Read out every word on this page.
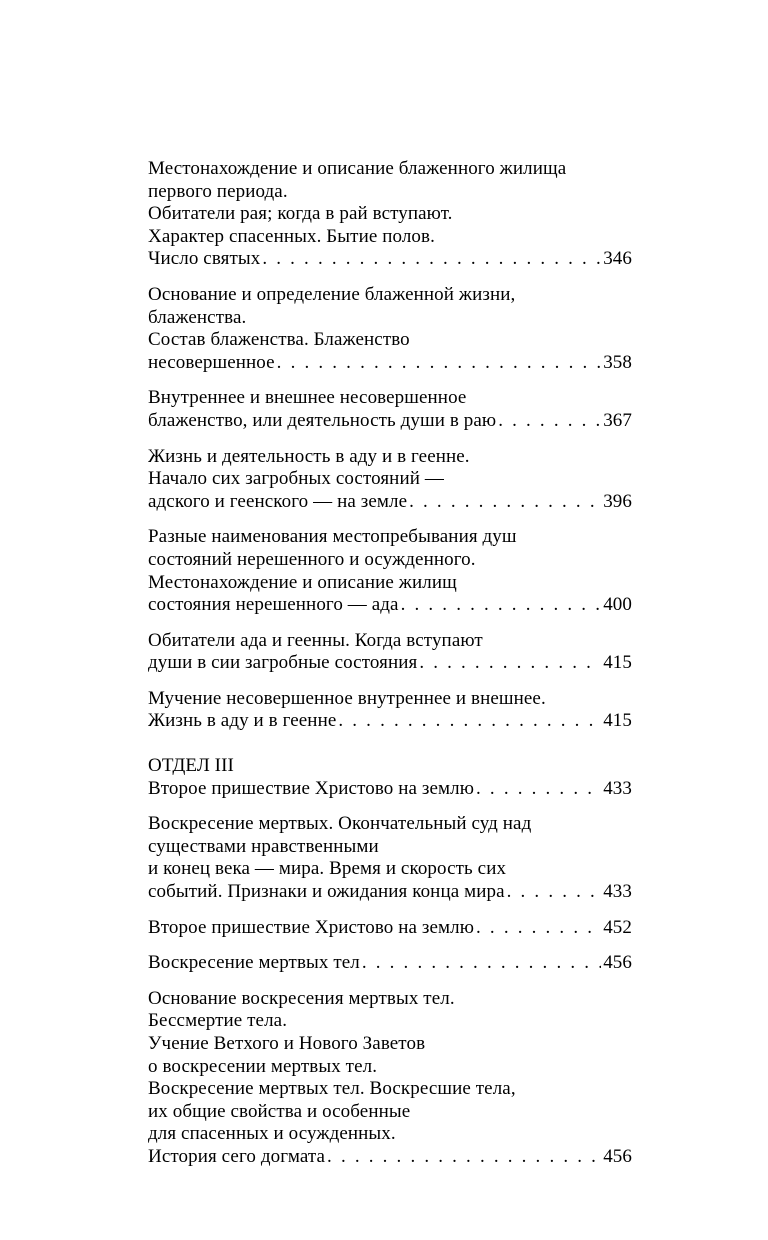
Местонахождение и описание блаженного жилища
первого периода.
Обитатели рая; когда в рай вступают.
Характер спасенных. Бытие полов.
Число святых . . .	346
Основание и определение блаженной жизни,
блаженства.
Состав блаженства. Блаженство
несовершенное . . .	358
Внутреннее и внешнее несовершенное
блаженство, или деятельность души в раю . . .	367
Жизнь и деятельность в аду и в геенне.
Начало сих загробных состояний —
адского и геенского — на земле . . .	396
Разные наименования местопребывания душ
состояний нерешенного и осужденного.
Местонахождение и описание жилищ
состояния нерешенного — ада . . .	400
Обитатели ада и геенны. Когда вступают
души в сии загробные состояния . . .	415
Мучение несовершенное внутреннее и внешнее.
Жизнь в аду и в геенне . . .	415
ОТДЕЛ III
Второе пришествие Христово на землю . . .	433
Воскресение мертвых. Окончательный суд над
существами нравственными
и конец века — мира. Время и скорость сих
событий. Признаки и ожидания конца мира . . .	433
Второе пришествие Христово на землю . . .	452
Воскресение мертвых тел . . .	456
Основание воскресения мертвых тел.
Бессмертие тела.
Учение Ветхого и Нового Заветов
о воскресении мертвых тел.
Воскресение мертвых тел. Воскресшие тела,
их общие свойства и особенные
для спасенных и осужденных.
История сего догмата . . .	456
